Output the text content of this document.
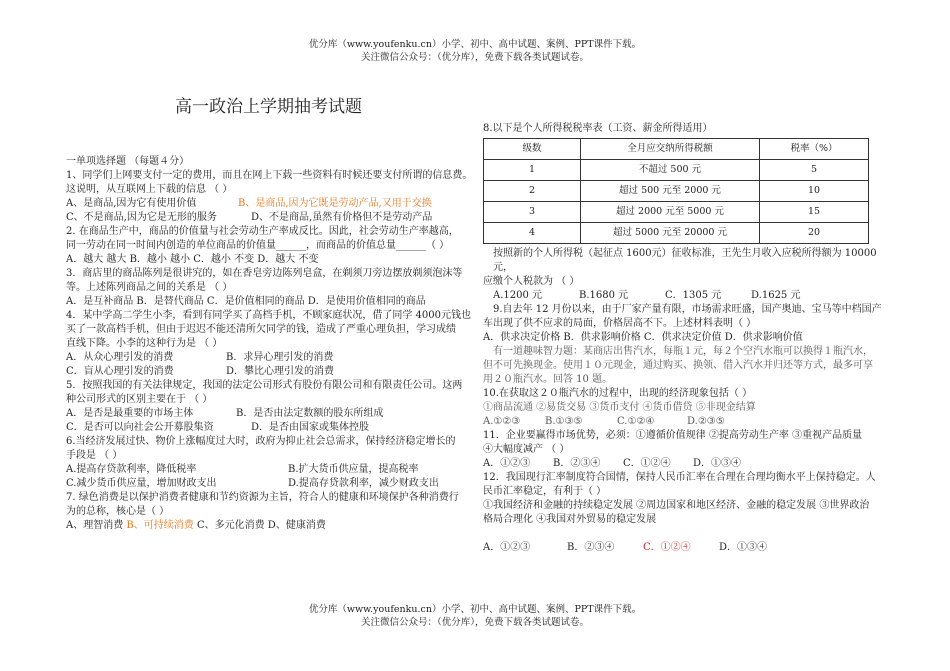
优分库（www.youfenku.cn）小学、初中、高中试题、案例、PPT课件下载。
关注微信公众号：（优分库），免费下载各类试题试卷。
高一政治上学期抽考试题

一单项选择题 （每题４分）

1、同学们上网要支付一定的费用，而且在网上下载一些资料有时候还要支付所谓的信息费。

这说明，从互联网上下载的信息 （ ）

A、是商品,因为它有使用价值	B、是商品,因为它既是劳动产品,又用于交换

C、不是商品,因为它是无形的服务	D、不是商品,虽然有价格但不是劳动产品

2. 在商品生产中，商品的价值量与社会劳动生产率成反比。因此，社会劳动生产率越高，

同一劳动在同一时间内创造的单位商品的价值量______，而商品的价值总量______（ ）

A．越大 越大 B．越小 越小 C．越小 不变 D．越大 不变

3．商店里的商品陈列是很讲究的，如在香皂旁边陈列皂盒，在剃须刀旁边摆放剃须泡沫等

等。上述陈列商品之间的关系是 （ ）

A．是互补商品 B．是替代商品 C．是价值相同的商品 D．是使用价值相同的商品

4．某中学高二学生小李，看到有同学买了高档手机，不顾家庭状况，借了同学 4000元钱也

买了一款高档手机，但由于迟迟不能还清所欠同学的钱，造成了严重心理负担，学习成绩

直线下降。小李的这种行为是 （ ）

A．从众心理引发的消费	B．求异心理引发的消费

C．盲从心理引发的消费	D．攀比心理引发的消费

5．按照我国的有关法律规定，我国的法定公司形式有股份有限公司和有限责任公司。这两

种公司形式的区别主要在于 （ ）

A．是否是最重要的市场主体	B．是否由法定数额的股东所组成

C．是否可以向社会公开募股集资	D．是否由国家或集体控股

6.当经济发展过快、物价上涨幅度过大时，政府为抑止社会总需求，保持经济稳定增长的

手段是 （ ）

A.提高存贷款利率，降低税率	B.扩大货币供应量，提高税率

C.减少货币供应量，增加财政支出	D.提高存贷款利率，减少财政支出

7. 绿色消费是以保护消费者健康和节约资源为主旨，符合人的健康和环境保护各种消费行

为的总称，核心是（ ）

A、理智消费 B、可持续消费 C、多元化消费 D、健康消费

8.以下是个人所得税税率表（工资、薪金所得适用）

级数	全月应交纳所得税额	税率（%）
1	不超过 500 元	5
2	超过 500 元至 2000 元	10
3	超过 2000 元至 5000 元	15
4	超过 5000 元至 20000 元	20

按照新的个人所得税（起征点 1600元）征收标准，王先生月收入应税所得额为 10000 元，

应缴个人税款为 （ ）

A.1200 元	B.1680 元	C．1305 元	D.1625 元

9.自去年 12 月份以来，由于厂家产量有限，市场需求旺盛，国产奥迪、宝马等中档国产

车出现了供不应求的局面，价格居高不下。上述材料表明（ ）

A．供求决定价格 B．供求影响价格 C．供求决定价值 D．供求影响价值

有一道趣味智力题：某商店出售汽水，每瓶１元，每２个空汽水瓶可以换得１瓶汽水，

但不可先換现金。使用１０元现金，通过购买、换领、借入汽水并归还等方式，最多可享

用２０瓶汽水。回答 10 题。

10.在获取这２０瓶汽水的过程中，出现的经济现象包括（ ）

①商品流通 ②易货交易 ③货币支付 ④货币借贷 ⑤非现金结算

A.①②③ B.①③⑤	C.①②④	D.②③⑤

11．企业要赢得市场优势，必须：①遵循价值规律 ②提高劳动生产率 ③重视产品质量

④大幅度减产 （ ）

A．①②③ B．②③④ C．①②④ D．①③④

12．我国现行汇率制度符合国情，保持人民币汇率在合理在合理均衡水平上保持稳定。人

民币汇率稳定，有利于（ ）

①我国经济和金融的持续稳定发展 ②周边国家和地区经济、金融的稳定发展 ③世界政治

格局合理化 ④我国对外贸易的稳定发展

A．①②③	B．②③④	C．①②④	D．①③④

优分库（www.youfenku.cn）小学、初中、高中试题、案例、PPT课件下载。
关注微信公众号：（优分库），免费下载各类试题试卷。
